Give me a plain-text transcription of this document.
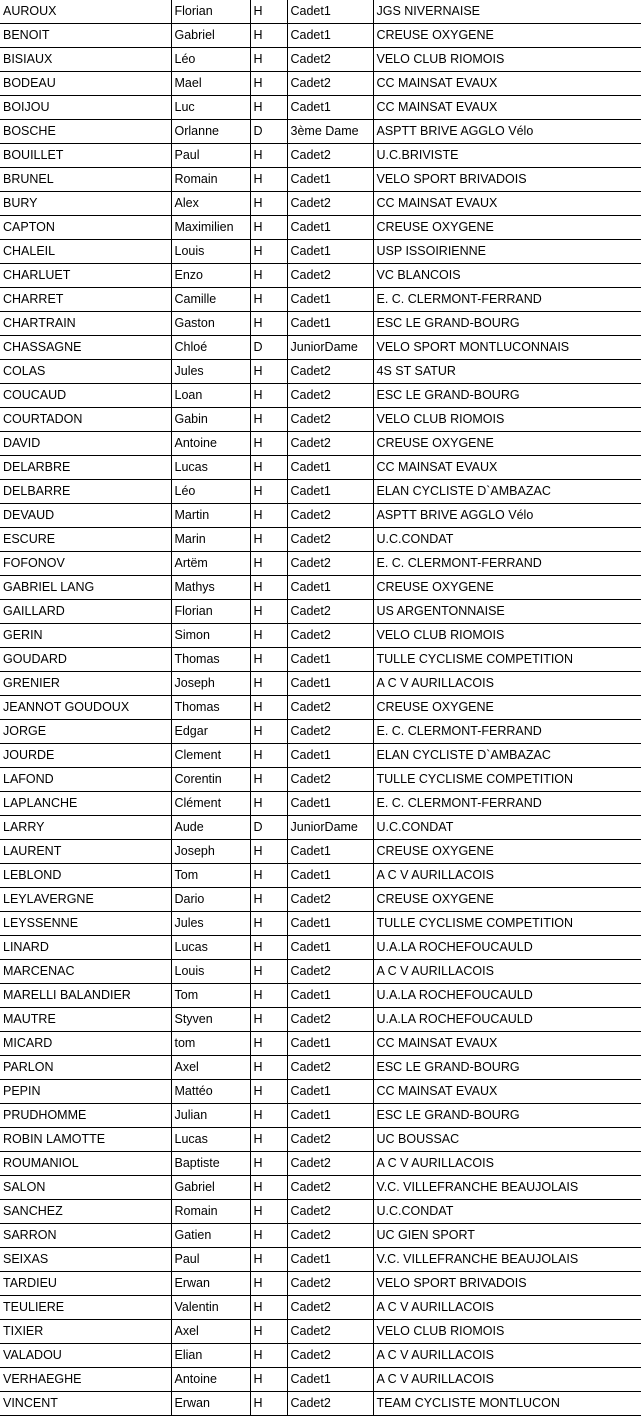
AUROUX	Florian	H	Cadet1	JGS NIVERNAISE
BENOIT	Gabriel	H	Cadet1	CREUSE OXYGENE
BISIAUX	Léo	H	Cadet2	VELO CLUB RIOMOIS
BODEAU	Mael	H	Cadet2	CC MAINSAT EVAUX
BOIJOU	Luc	H	Cadet1	CC MAINSAT EVAUX
BOSCHE	Orlanne	D	3ème Dame	ASPTT BRIVE AGGLO Vélo
BOUILLET	Paul	H	Cadet2	U.C.BRIVISTE
BRUNEL	Romain	H	Cadet1	VELO SPORT BRIVADOIS
BURY	Alex	H	Cadet2	CC MAINSAT EVAUX
CAPTON	Maximilien	H	Cadet1	CREUSE OXYGENE
CHALEIL	Louis	H	Cadet1	USP ISSOIRIENNE
CHARLUET	Enzo	H	Cadet2	VC BLANCOIS
CHARRET	Camille	H	Cadet1	E. C. CLERMONT-FERRAND
CHARTRAIN	Gaston	H	Cadet1	ESC LE GRAND-BOURG
CHASSAGNE	Chloé	D	JuniorDame	VELO SPORT MONTLUCONNAIS
COLAS	Jules	H	Cadet2	4S ST SATUR
COUCAUD	Loan	H	Cadet2	ESC LE GRAND-BOURG
COURTADON	Gabin	H	Cadet2	VELO CLUB RIOMOIS
DAVID	Antoine	H	Cadet2	CREUSE OXYGENE
DELARBRE	Lucas	H	Cadet1	CC MAINSAT EVAUX
DELBARRE	Léo	H	Cadet1	ELAN CYCLISTE D`AMBAZAC
DEVAUD	Martin	H	Cadet2	ASPTT BRIVE AGGLO Vélo
ESCURE	Marin	H	Cadet2	U.C.CONDAT
FOFONOV	Artëm	H	Cadet2	E. C. CLERMONT-FERRAND
GABRIEL LANG	Mathys	H	Cadet1	CREUSE OXYGENE
GAILLARD	Florian	H	Cadet2	US ARGENTONNAISE
GERIN	Simon	H	Cadet2	VELO CLUB RIOMOIS
GOUDARD	Thomas	H	Cadet1	TULLE CYCLISME COMPETITION
GRENIER	Joseph	H	Cadet1	A C V AURILLACOIS
JEANNOT GOUDOUX	Thomas	H	Cadet2	CREUSE OXYGENE
JORGE	Edgar	H	Cadet2	E. C. CLERMONT-FERRAND
JOURDE	Clement	H	Cadet1	ELAN CYCLISTE D`AMBAZAC
LAFOND	Corentin	H	Cadet2	TULLE CYCLISME COMPETITION
LAPLANCHE	Clément	H	Cadet1	E. C. CLERMONT-FERRAND
LARRY	Aude	D	JuniorDame	U.C.CONDAT
LAURENT	Joseph	H	Cadet1	CREUSE OXYGENE
LEBLOND	Tom	H	Cadet1	A C V AURILLACOIS
LEYLAVERGNE	Dario	H	Cadet2	CREUSE OXYGENE
LEYSSENNE	Jules	H	Cadet1	TULLE CYCLISME COMPETITION
LINARD	Lucas	H	Cadet1	U.A.LA ROCHEFOUCAULD
MARCENAC	Louis	H	Cadet2	A C V AURILLACOIS
MARELLI BALANDIER	Tom	H	Cadet1	U.A.LA ROCHEFOUCAULD
MAUTRE	Styven	H	Cadet2	U.A.LA ROCHEFOUCAULD
MICARD	tom	H	Cadet1	CC MAINSAT EVAUX
PARLON	Axel	H	Cadet2	ESC LE GRAND-BOURG
PEPIN	Mattéo	H	Cadet1	CC MAINSAT EVAUX
PRUDHOMME	Julian	H	Cadet1	ESC LE GRAND-BOURG
ROBIN LAMOTTE	Lucas	H	Cadet2	UC BOUSSAC
ROUMANIOL	Baptiste	H	Cadet2	A C V AURILLACOIS
SALON	Gabriel	H	Cadet2	V.C. VILLEFRANCHE BEAUJOLAIS
SANCHEZ	Romain	H	Cadet2	U.C.CONDAT
SARRON	Gatien	H	Cadet2	UC GIEN SPORT
SEIXAS	Paul	H	Cadet1	V.C. VILLEFRANCHE BEAUJOLAIS
TARDIEU	Erwan	H	Cadet2	VELO SPORT BRIVADOIS
TEULIERE	Valentin	H	Cadet2	A C V AURILLACOIS
TIXIER	Axel	H	Cadet2	VELO CLUB RIOMOIS
VALADOU	Elian	H	Cadet2	A C V AURILLACOIS
VERHAEGHE	Antoine	H	Cadet1	A C V AURILLACOIS
VINCENT	Erwan	H	Cadet2	TEAM CYCLISTE MONTLUCON
